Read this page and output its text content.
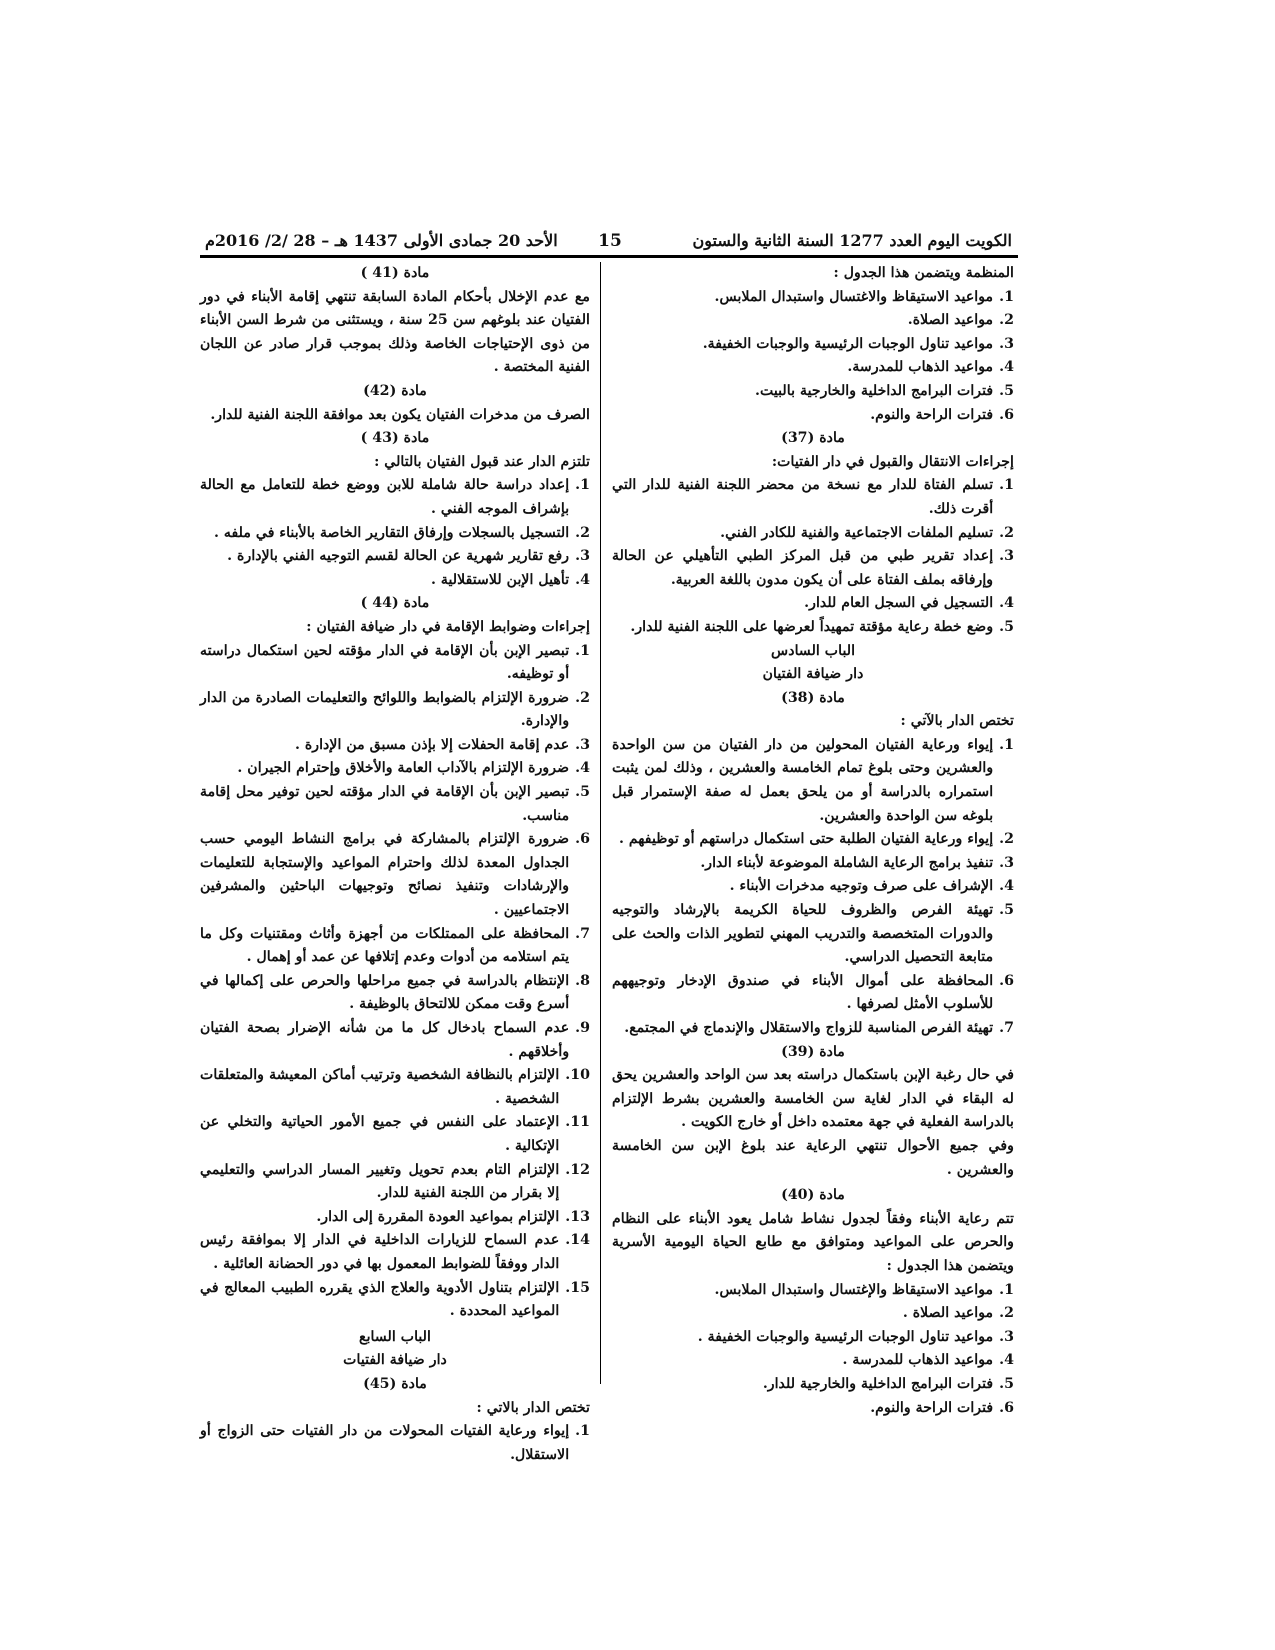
الكويت اليوم العدد 1277 السنة الثانية والستون
15
الأحد 20 جمادى الأولى 1437 هـ – 28 /2/ 2016م
المنظمة ويتضمن هذا الجدول :
1.
مواعيد الاستيقاظ والاغتسال واستبدال الملابس.
2.
مواعيد الصلاة.
3.
مواعيد تناول الوجبات الرئيسية والوجبات الخفيفة.
4.
مواعيد الذهاب للمدرسة.
5.
فترات البرامج الداخلية والخارجية بالبيت.
6.
فترات الراحة والنوم.
مادة (37)
إجراءات الانتقال والقبول في دار الفتيات:
1.
تسلم الفتاة للدار مع نسخة من محضر اللجنة الفنية للدار التي أقرت ذلك.
2.
تسليم الملفات الاجتماعية والفنية للكادر الفني.
3.
إعداد تقرير طبي من قبل المركز الطبي التأهيلي عن الحالة وإرفاقه بملف الفتاة على أن يكون مدون باللغة العربية.
4.
التسجيل في السجل العام للدار.
5.
وضع خطة رعاية مؤقتة تمهيداً لعرضها على اللجنة الفنية للدار.
الباب السادس
دار ضيافة الفتيان
مادة (38)
تختص الدار بالآتي :
1.
إيواء ورعاية الفتيان المحولين من دار الفتيان من سن الواحدة والعشرين وحتى بلوغ تمام الخامسة والعشرين ، وذلك لمن يثبت استمراره بالدراسة أو من يلحق بعمل له صفة الإستمرار قبل بلوغه سن الواحدة والعشرين.
2.
إيواء ورعاية الفتيان الطلبة حتى استكمال دراستهم أو توظيفهم .
3.
تنفيذ برامج الرعاية الشاملة الموضوعة لأبناء الدار.
4.
الإشراف على صرف وتوجيه مدخرات الأبناء .
5.
تهيئة الفرص والظروف للحياة الكريمة بالإرشاد والتوجيه والدورات المتخصصة والتدريب المهني لتطوير الذات والحث على متابعة التحصيل الدراسي.
6.
المحافظة على أموال الأبناء في صندوق الإدخار وتوجيههم للأسلوب الأمثل لصرفها .
7.
تهيئة الفرص المناسبة للزواج والاستقلال والإندماج في المجتمع.
مادة (39)
في حال رغبة الإبن باستكمال دراسته بعد سن الواحد والعشرين يحق له البقاء في الدار لغاية سن الخامسة والعشرين بشرط الإلتزام بالدراسة الفعلية في جهة معتمده داخل أو خارج الكويت .
وفي جميع الأحوال تنتهي الرعاية عند بلوغ الإبن سن الخامسة والعشرين .
مادة (40)
تتم رعاية الأبناء وفقاً لجدول نشاط شامل يعود الأبناء على النظام والحرص على المواعيد ومتوافق مع طابع الحياة اليومية الأسرية ويتضمن هذا الجدول :
1.
مواعيد الاستيقاظ والإغتسال واستبدال الملابس.
2.
مواعيد الصلاة .
3.
مواعيد تناول الوجبات الرئيسية والوجبات الخفيفة .
4.
مواعيد الذهاب للمدرسة .
5.
فترات البرامج الداخلية والخارجية للدار.
6.
فترات الراحة والنوم.
مادة (41 )
مع عدم الإخلال بأحكام المادة السابقة تنتهي إقامة الأبناء في دور الفتيان عند بلوغهم سن 25 سنة ، ويستثنى من شرط السن الأبناء من ذوى الإحتياجات الخاصة وذلك بموجب قرار صادر عن اللجان الفنية المختصة .
مادة (42)
الصرف من مدخرات الفتيان يكون بعد موافقة اللجنة الفنية للدار.
مادة (43 )
تلتزم الدار عند قبول الفتيان بالتالي :
1.
إعداد دراسة حالة شاملة للابن ووضع خطة للتعامل مع الحالة بإشراف الموجه الفني .
2.
التسجيل بالسجلات وإرفاق التقارير الخاصة بالأبناء في ملفه .
3.
رفع تقارير شهرية عن الحالة لقسم التوجيه الفني بالإدارة .
4.
تأهيل الإبن للاستقلالية .
مادة (44 )
إجراءات وضوابط الإقامة في دار ضيافة الفتيان :
1.
تبصير الإبن بأن الإقامة في الدار مؤقته لحين استكمال دراسته أو توظيفه.
2.
ضرورة الإلتزام بالضوابط واللوائح والتعليمات الصادرة من الدار والإدارة.
3.
عدم إقامة الحفلات إلا بإذن مسبق من الإدارة .
4.
ضرورة الإلتزام بالآداب العامة والأخلاق وإحترام الجيران .
5.
تبصير الإبن بأن الإقامة في الدار مؤقته لحين توفير محل إقامة مناسب.
6.
ضرورة الإلتزام بالمشاركة في برامج النشاط اليومي حسب الجداول المعدة لذلك واحترام المواعيد والإستجابة للتعليمات والإرشادات وتنفيذ نصائح وتوجيهات الباحثين والمشرفين الاجتماعيين .
7.
المحافظة على الممتلكات من أجهزة وأثاث ومقتنيات وكل ما يتم استلامه من أدوات وعدم إتلافها عن عمد أو إهمال .
8.
الإنتظام بالدراسة في جميع مراحلها والحرص على إكمالها في أسرع وقت ممكن للالتحاق بالوظيفة .
9.
عدم السماح بادخال كل ما من شأنه الإضرار بصحة الفتيان وأخلاقهم .
10.
الإلتزام بالنظافة الشخصية وترتيب أماكن المعيشة والمتعلقات الشخصية .
11.
الإعتماد على النفس في جميع الأمور الحياتية والتخلي عن الإتكالية .
12.
الإلتزام التام بعدم تحويل وتغيير المسار الدراسي والتعليمي إلا بقرار من اللجنة الفنية للدار.
13.
الإلتزام بمواعيد العودة المقررة إلى الدار.
14.
عدم السماح للزيارات الداخلية في الدار إلا بموافقة رئيس الدار ووفقاً للضوابط المعمول بها في دور الحضانة العائلية .
15.
الإلتزام بتناول الأدوية والعلاج الذي يقرره الطبيب المعالج في المواعيد المحددة .
الباب السابع
دار ضيافة الفتيات
مادة (45)
تختص الدار بالاتي :
1.
إيواء ورعاية الفتيات المحولات من دار الفتيات حتى الزواج أو الاستقلال.
